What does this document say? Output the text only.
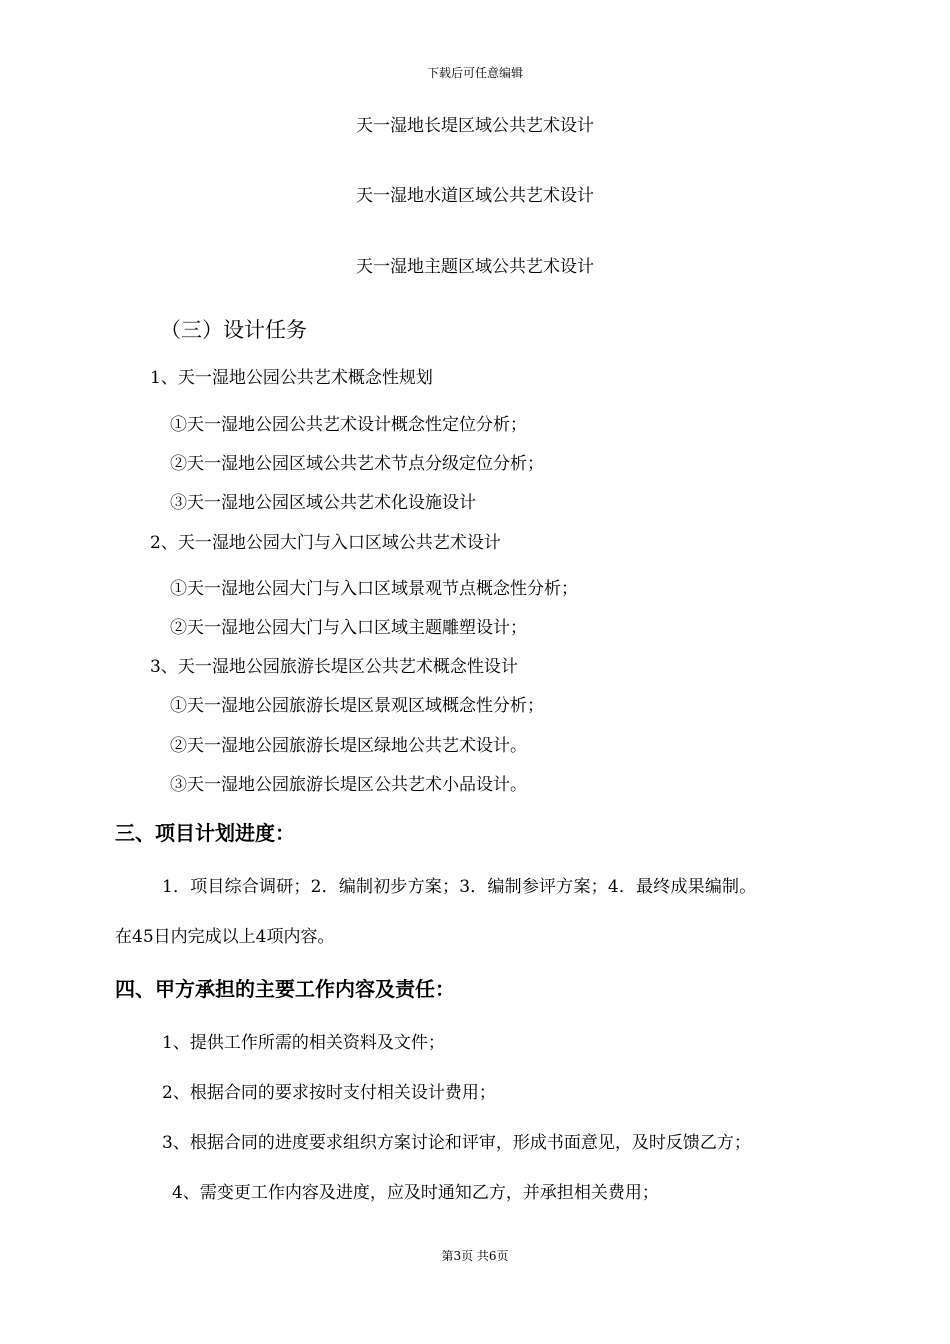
下载后可任意编辑
天一湿地长堤区域公共艺术设计
天一湿地水道区域公共艺术设计
天一湿地主题区域公共艺术设计
（三）设计任务
1、天一湿地公园公共艺术概念性规划
①天一湿地公园公共艺术设计概念性定位分析；
②天一湿地公园区域公共艺术节点分级定位分析；
③天一湿地公园区域公共艺术化设施设计
2、天一湿地公园大门与入口区域公共艺术设计
①天一湿地公园大门与入口区域景观节点概念性分析；
②天一湿地公园大门与入口区域主题雕塑设计；
3、天一湿地公园旅游长堤区公共艺术概念性设计
①天一湿地公园旅游长堤区景观区域概念性分析；
②天一湿地公园旅游长堤区绿地公共艺术设计。
③天一湿地公园旅游长堤区公共艺术小品设计。
三、项目计划进度：
1．项目综合调研；2．编制初步方案；3．编制参评方案；4．最终成果编制。
在45日内完成以上4项内容。
四、甲方承担的主要工作内容及责任：
1、提供工作所需的相关资料及文件；
2、根据合同的要求按时支付相关设计费用；
3、根据合同的进度要求组织方案讨论和评审，形成书面意见，及时反馈乙方；
4、需变更工作内容及进度，应及时通知乙方，并承担相关费用；
第3页 共6页
